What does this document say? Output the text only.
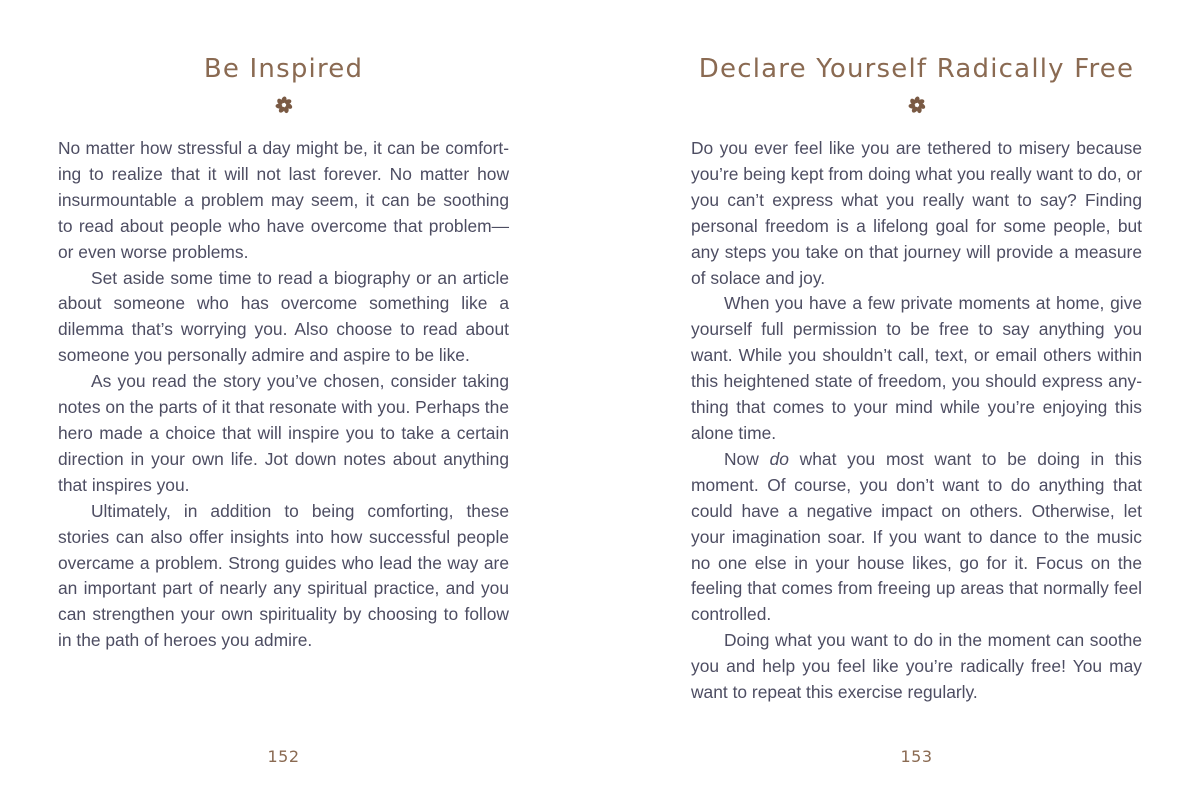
Be Inspired

No matter how stressful a day might be, it can be comforting to realize that it will not last forever. No matter how insurmountable a problem may seem, it can be soothing to read about people who have overcome that problem—or even worse problems.

Set aside some time to read a biography or an article about someone who has overcome something like a dilemma that’s worrying you. Also choose to read about someone you personally admire and aspire to be like.

As you read the story you’ve chosen, consider taking notes on the parts of it that resonate with you. Perhaps the hero made a choice that will inspire you to take a certain direction in your own life. Jot down notes about anything that inspires you.

Ultimately, in addition to being comforting, these stories can also offer insights into how successful people overcame a problem. Strong guides who lead the way are an important part of nearly any spiritual practice, and you can strengthen your own spirituality by choosing to follow in the path of heroes you admire.

152
Declare Yourself Radically Free

Do you ever feel like you are tethered to misery because you’re being kept from doing what you really want to do, or you can’t express what you really want to say? Finding personal freedom is a lifelong goal for some people, but any steps you take on that journey will provide a measure of solace and joy.

When you have a few private moments at home, give yourself full permission to be free to say anything you want. While you shouldn’t call, text, or email others within this heightened state of freedom, you should express anything that comes to your mind while you’re enjoying this alone time.

Now do what you most want to be doing in this moment. Of course, you don’t want to do anything that could have a negative impact on others. Otherwise, let your imagination soar. If you want to dance to the music no one else in your house likes, go for it. Focus on the feeling that comes from freeing up areas that normally feel controlled.

Doing what you want to do in the moment can soothe you and help you feel like you’re radically free! You may want to repeat this exercise regularly.

153
